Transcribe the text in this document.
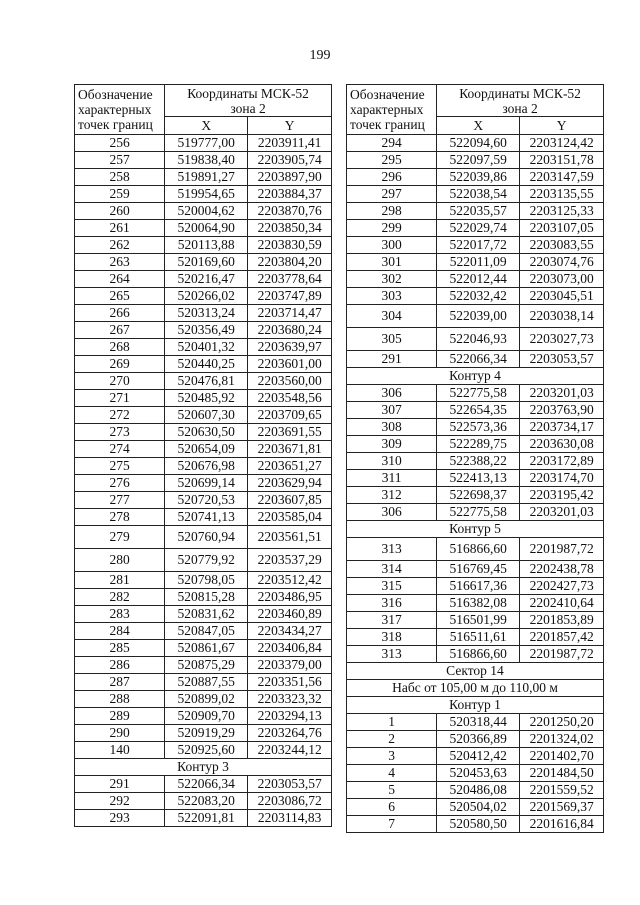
199
Обозначение
характерных
точек границ	Координаты МСК-52
зона 2	
	X	Y
256	519777,00	2203911,41
257	519838,40	2203905,74
258	519891,27	2203897,90
259	519954,65	2203884,37
260	520004,62	2203870,76
261	520064,90	2203850,34
262	520113,88	2203830,59
263	520169,60	2203804,20
264	520216,47	2203778,64
265	520266,02	2203747,89
266	520313,24	2203714,47
267	520356,49	2203680,24
268	520401,32	2203639,97
269	520440,25	2203601,00
270	520476,81	2203560,00
271	520485,92	2203548,56
272	520607,30	2203709,65
273	520630,50	2203691,55
274	520654,09	2203671,81
275	520676,98	2203651,27
276	520699,14	2203629,94
277	520720,53	2203607,85
278	520741,13	2203585,04
279	520760,94	2203561,51
280	520779,92	2203537,29
281	520798,05	2203512,42
282	520815,28	2203486,95
283	520831,62	2203460,89
284	520847,05	2203434,27
285	520861,67	2203406,84
286	520875,29	2203379,00
287	520887,55	2203351,56
288	520899,02	2203323,32
289	520909,70	2203294,13
290	520919,29	2203264,76
140	520925,60	2203244,12
Контур 3		
291	522066,34	2203053,57
292	522083,20	2203086,72
293	522091,81	2203114,83
Обозначение
характерных
точек границ	Координаты МСК-52
зона 2	
	X	Y
294	522094,60	2203124,42
295	522097,59	2203151,78
296	522039,86	2203147,59
297	522038,54	2203135,55
298	522035,57	2203125,33
299	522029,74	2203107,05
300	522017,72	2203083,55
301	522011,09	2203074,76
302	522012,44	2203073,00
303	522032,42	2203045,51
304	522039,00	2203038,14
305	522046,93	2203027,73
291	522066,34	2203053,57
Контур 4		
306	522775,58	2203201,03
307	522654,35	2203763,90
308	522573,36	2203734,17
309	522289,75	2203630,08
310	522388,22	2203172,89
311	522413,13	2203174,70
312	522698,37	2203195,42
306	522775,58	2203201,03
Контур 5		
313	516866,60	2201987,72
314	516769,45	2202438,78
315	516617,36	2202427,73
316	516382,08	2202410,64
317	516501,99	2201853,89
318	516511,61	2201857,42
313	516866,60	2201987,72
Сектор 14		
Набс от 105,00 м до 110,00 м		
Контур 1		
1	520318,44	2201250,20
2	520366,89	2201324,02
3	520412,42	2201402,70
4	520453,63	2201484,50
5	520486,08	2201559,52
6	520504,02	2201569,37
7	520580,50	2201616,84
